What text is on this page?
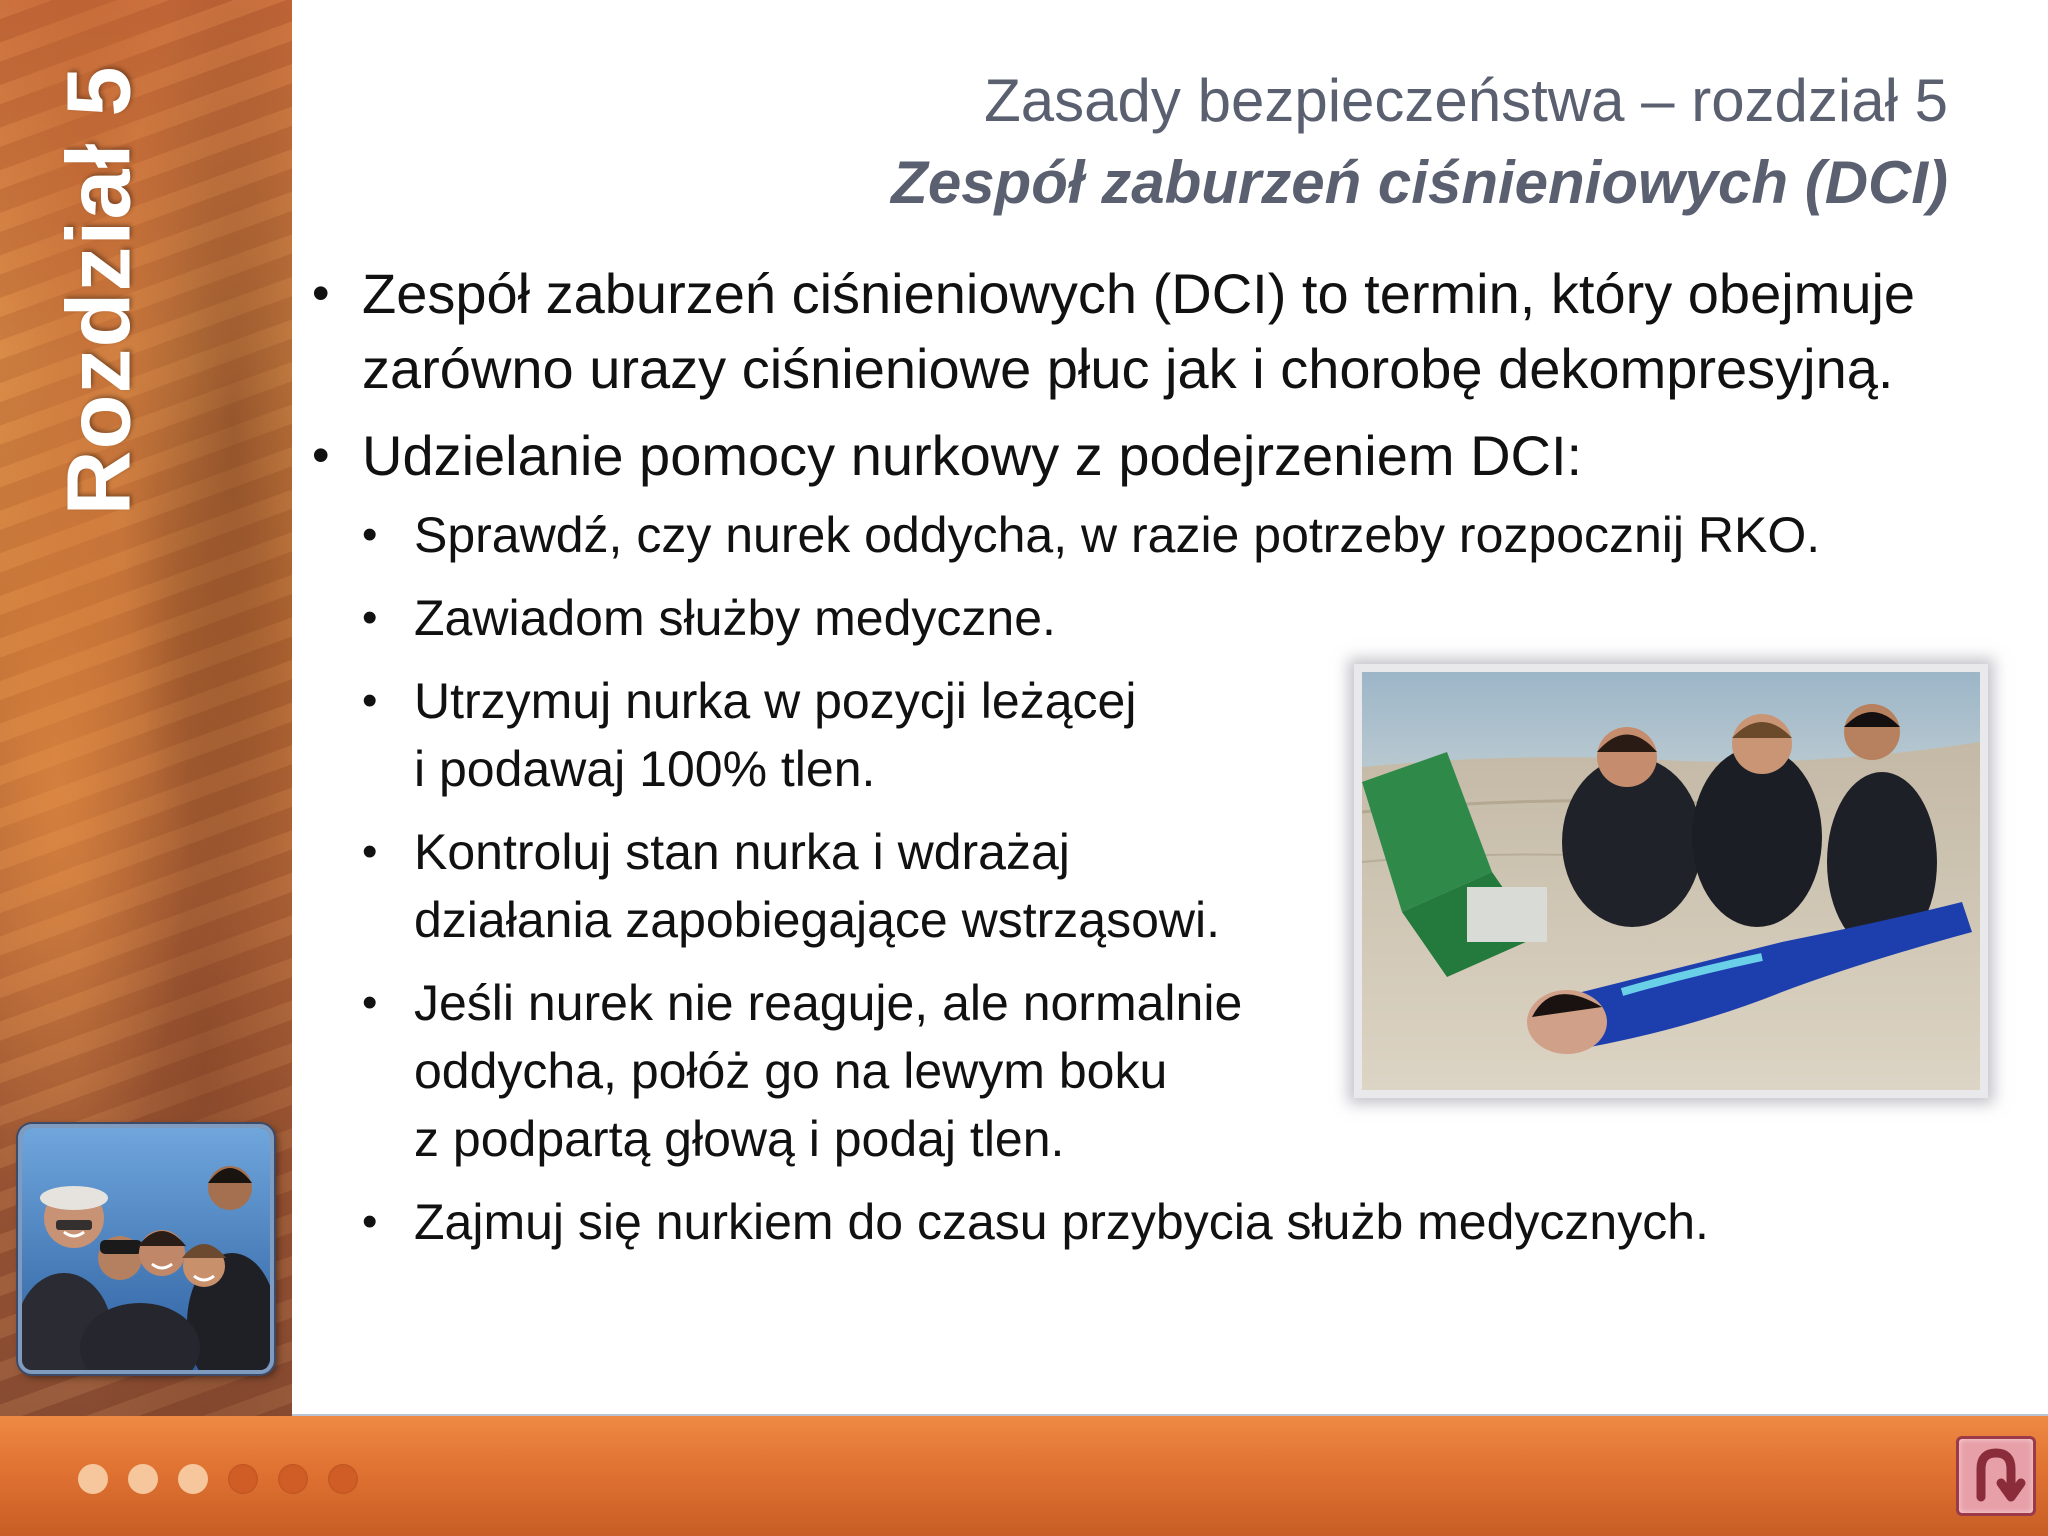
Rozdział 5	Zasady bezpieczeństwa – rozdział 5
Zespół zaburzeń ciśnieniowych (DCI)
• Zespół zaburzeń ciśnieniowych (DCI) to termin, który obejmuje zarówno urazy ciśnieniowe płuc jak i chorobę dekompresyjną.
• Udzielanie pomocy nurkowy z podejrzeniem DCI:
• Sprawdź, czy nurek oddycha, w razie potrzeby rozpocznij RKO.
• Zawiadom służby medyczne.
• Utrzymuj nurka w pozycji leżącej
i podawaj 100% tlen.
• Kontroluj stan nurka i wdrażaj
działania zapobiegające wstrząsowi.
• Jeśli nurek nie reaguje, ale normalnie
oddycha, połóż go na lewym boku
z podpartą głową i podaj tlen.
• Zajmuj się nurkiem do czasu przybycia służb medycznych.
